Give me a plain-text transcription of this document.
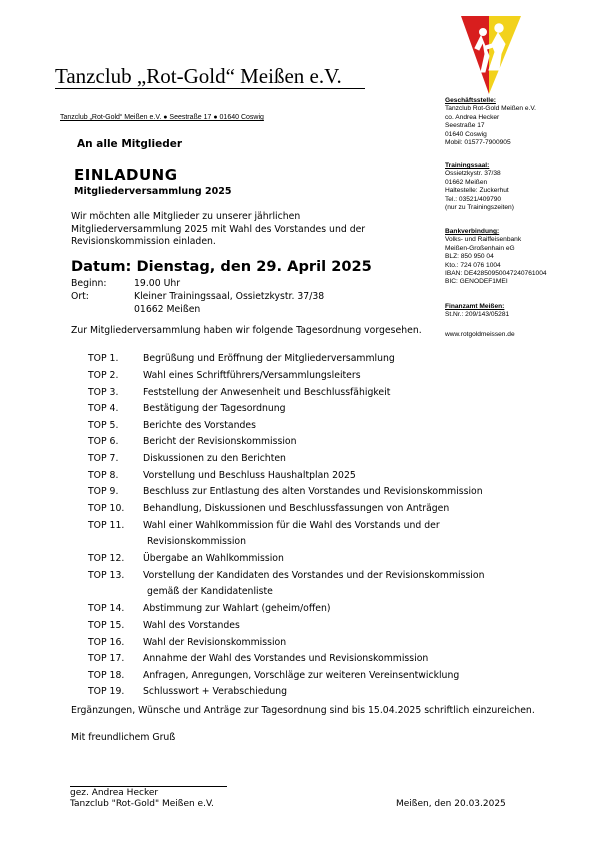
Tanzclub „Rot-Gold“ Meißen e.V.
Tanzclub „Rot-Gold“ Meißen e.V. ● Seestraße 17 ● 01640 Coswig
Geschäftsstelle:
Tanzclub Rot-Gold Meißen e.V.
co. Andrea Hecker
Seestraße 17
01640 Coswig
Mobil: 01577-7900905
Trainingssaal:
Ossietzkystr. 37/38
01662 Meißen
Haltestelle: Zuckerhut
Tel.: 03521/409790
(nur zu Trainingszeiten)
Bankverbindung:
Volks- und Raiffeisenbank
Meißen-Großenhain eG
BLZ: 850 950 04
Kto.: 724 076 1004
IBAN: DE42850950047240761004
BIC: GENODEF1MEI
Finanzamt Meißen:
St.Nr.: 209/143/05281
www.rotgoldmeissen.de
An alle Mitglieder
EINLADUNG
Mitgliederversammlung 2025
Wir möchten alle Mitglieder zu unserer jährlichen Mitgliederversammlung 2025 mit Wahl des Vorstandes und der Revisionskommission einladen.
Datum: Dienstag, den 29. April 2025
Beginn:	19.00 Uhr
Ort:	Kleiner Trainingssaal, Ossietzkystr. 37/38
01662 Meißen
Zur Mitgliederversammlung haben wir folgende Tagesordnung vorgesehen.
TOP 1.	Begrüßung und Eröffnung der Mitgliederversammlung
TOP 2.	Wahl eines Schriftführers/Versammlungsleiters
TOP 3.	Feststellung der Anwesenheit und Beschlussfähigkeit
TOP 4.	Bestätigung der Tagesordnung
TOP 5.	Berichte des Vorstandes
TOP 6.	Bericht der Revisionskommission
TOP 7.	Diskussionen zu den Berichten
TOP 8.	Vorstellung und Beschluss Haushaltplan 2025
TOP 9.	Beschluss zur Entlastung des alten Vorstandes und Revisionskommission
TOP 10. Behandlung, Diskussionen und Beschlussfassungen von Anträgen
TOP 11. Wahl einer Wahlkommission für die Wahl des Vorstands und der
Revisionskommission
TOP 12. Übergabe an Wahlkommission
TOP 13. Vorstellung der Kandidaten des Vorstandes und der Revisionskommission
gemäß der Kandidatenliste
TOP 14. Abstimmung zur Wahlart (geheim/offen)
TOP 15. Wahl des Vorstandes
TOP 16. Wahl der Revisionskommission
TOP 17. Annahme der Wahl des Vorstandes und Revisionskommission
TOP 18. Anfragen, Anregungen, Vorschläge zur weiteren Vereinsentwicklung
TOP 19. Schlusswort + Verabschiedung
Ergänzungen, Wünsche und Anträge zur Tagesordnung sind bis 15.04.2025 schriftlich einzureichen.
Mit freundlichem Gruß
gez. Andrea Hecker
Tanzclub "Rot-Gold" Meißen e.V.	Meißen, den 20.03.2025
